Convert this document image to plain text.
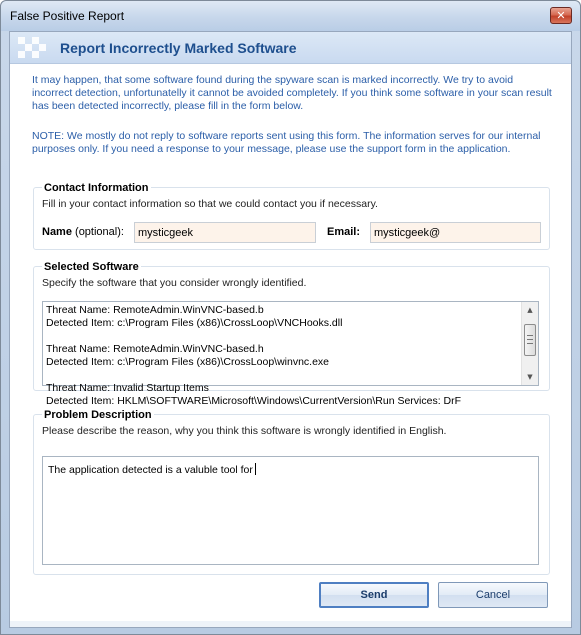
False Positive Report	✕
Report Incorrectly Marked Software

It may happen, that some software found during the spyware scan is marked incorrectly. We try to avoid incorrect detection, unfortunatelly it cannot be avoided completely. If you think some software in your scan result has been detected incorrectly, please fill in the form below.

NOTE: We mostly do not reply to software reports sent using this form. The information serves for our internal purposes only. If you need a response to your message, please use the support form in the application.

Contact Information
Fill in your contact information so that we could contact you if necessary.
Name (optional):
mysticgeek	Email:
mysticgeek@
Selected Software
Specify the software that you consider wrongly identified.
Threat Name: RemoteAdmin.WinVNC-based.b
Detected Item: c:\Program Files (x86)\CrossLoop\VNCHooks.dll
Threat Name: RemoteAdmin.WinVNC-based.h
Detected Item: c:\Program Files (x86)\CrossLoop\winvnc.exe
Threat Name: Invalid Startup Items
Detected Item: HKLM\SOFTWARE\Microsoft\Windows\CurrentVersion\Run Services: DrF
▲
▼
Problem Description
Please describe the reason, why you think this software is wrongly identified in English.
The application detected is a valuble tool for
Send	Cancel
